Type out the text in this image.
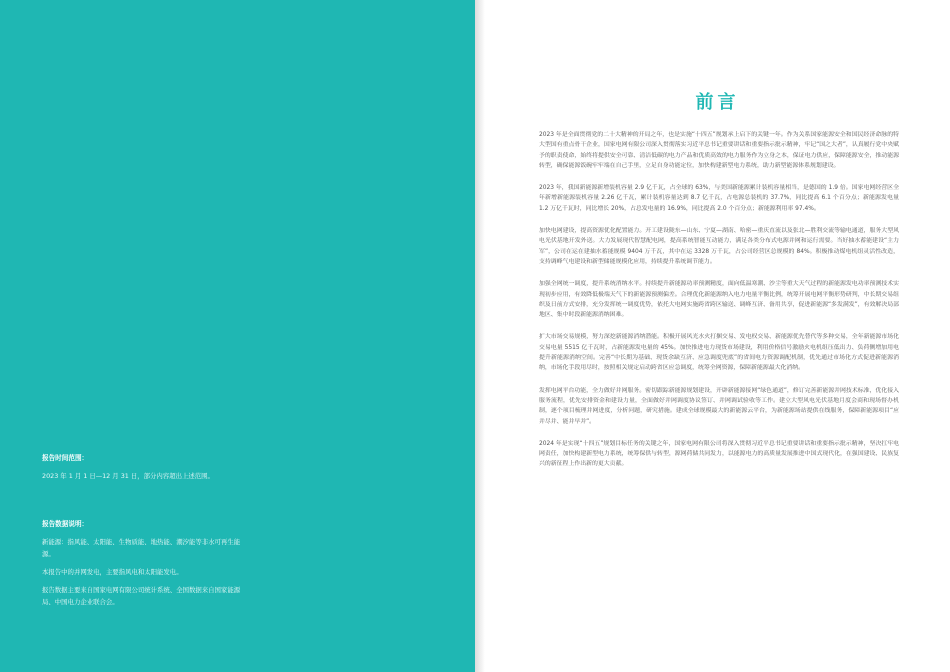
报告时间范围：

2023 年 1 月 1 日—12 月 31 日，部分内容超出上述范围。

报告数据说明：

新能源：指风能、太阳能、生物质能、地热能、潮汐能等非水可再生能源。

本报告中的并网发电，主要指风电和太阳能发电。

报告数据主要来自国家电网有限公司统计系统、全国数据来自国家能源局、中国电力企业联合会。

前言

2023 年是全面贯彻党的二十大精神的开局之年，也是实施“十四五”规划承上启下的关键一年。作为关系国家能源安全和国民经济命脉的特大型国有重点骨干企业，国家电网有限公司深入贯彻落实习近平总书记重要讲话和重要指示批示精神，牢记“国之大者”，认真履行党中央赋予的职责使命，始终将提供安全可靠、清洁低碳的电力产品和优质高效的电力服务作为立身之本，保证电力供应，保障能源安全，推动能源转型，确保能源饭碗牢牢端在自己手里，立足自身功能定位，加快构建新型电力系统，助力新型能源体系规划建设。

2023 年，我国新能源新增装机容量 2.9 亿千瓦，占全球的 63%，与美国新能源累计装机容量相当，是德国的 1.9 倍。国家电网经营区全年新增新能源装机容量 2.26 亿千瓦，累计装机容量达到 8.7 亿千瓦，占电源总装机的 37.7%，同比提高 6.1 个百分点；新能源发电量 1.2 万亿千瓦时，同比增长 20%，占总发电量的 16.9%，同比提高 2.0 个百分点；新能源利用率 97.4%。

加快电网建设，提高资源优化配置能力。开工建设陇东—山东、宁夏—湖南、哈密—重庆直流以及张北—胜利交流等输电通道，服务大型风电光伏基地开发外送。大力发展现代智慧配电网，提高系统智能互动能力，满足各类分布式电源并网和运行需要。当好抽水蓄能建设“主力军”，公司在运在建抽水蓄能规模 9404 万千瓦，其中在运 3328 万千瓦，占公司经营区总规模的 84%。积极推动煤电机组灵活性改造，支持调峰气电建设和新型储能规模化应用，持续提升系统调节能力。

加强全网统一调度，提升系统消纳水平。持续提升新能源功率预测精度，面向低温寒潮、沙尘等重大天气过程的新能源发电功率预测技术实现初步应用，有效降低极端天气下的新能源预测偏差。合理优化新能源纳入电力电量平衡比例，统筹开展电网平衡形势研判，中长期交易组织及日前方式安排，充分发挥统一调度优势，依托大电网实施跨省跨区输送、调峰互济、备用共享，促进新能源“多发满发”，有效解决局部地区、集中时段新能源消纳困难。

扩大市场交易规模，努力深挖新能源消纳潜能。积极开展风光水火打捆交易、发电权交易、新能源优先替代等多种交易，全年新能源市场化交易电量 5515 亿千瓦时，占新能源发电量的 45%。加快推进电力现货市场建设，利用价格信号激励火电机组压低出力、负荷侧增加用电提升新能源消纳空间。完善“中长期为基础、现货余缺互济、应急调度兜底”的省间电力资源调配机制，优先通过市场化方式促进新能源消纳，市场化手段用尽时，按照相关规定启动跨省区应急调度，统筹全网资源，保障新能源最大化消纳。

发挥电网平台功能，全力做好并网服务。密切跟踪新能源规划建设，开辟新能源接网“绿色通道”，修订完善新能源并网技术标准，优化接入服务流程，优先安排资金和建设力量，全面做好并网调度协议签订、并网调试验收等工作。建立大型风电光伏基地月度会商和现场督办机制，逐个项目梳理并网进度，分析问题，研究措施。建成全球规模最大的新能源云平台，为新能源场站提供在线服务，保障新能源项目“应并尽并、能并早并”。

2024 年是实现“十四五”规划目标任务的关键之年，国家电网有限公司将深入贯彻习近平总书记重要讲话和重要指示批示精神，坚决扛牢电网责任，加快构建新型电力系统，统筹保供与转型，源网荷储共同发力，以能源电力的高质量发展推进中国式现代化，在强国建设、民族复兴的新征程上作出新的更大贡献。
